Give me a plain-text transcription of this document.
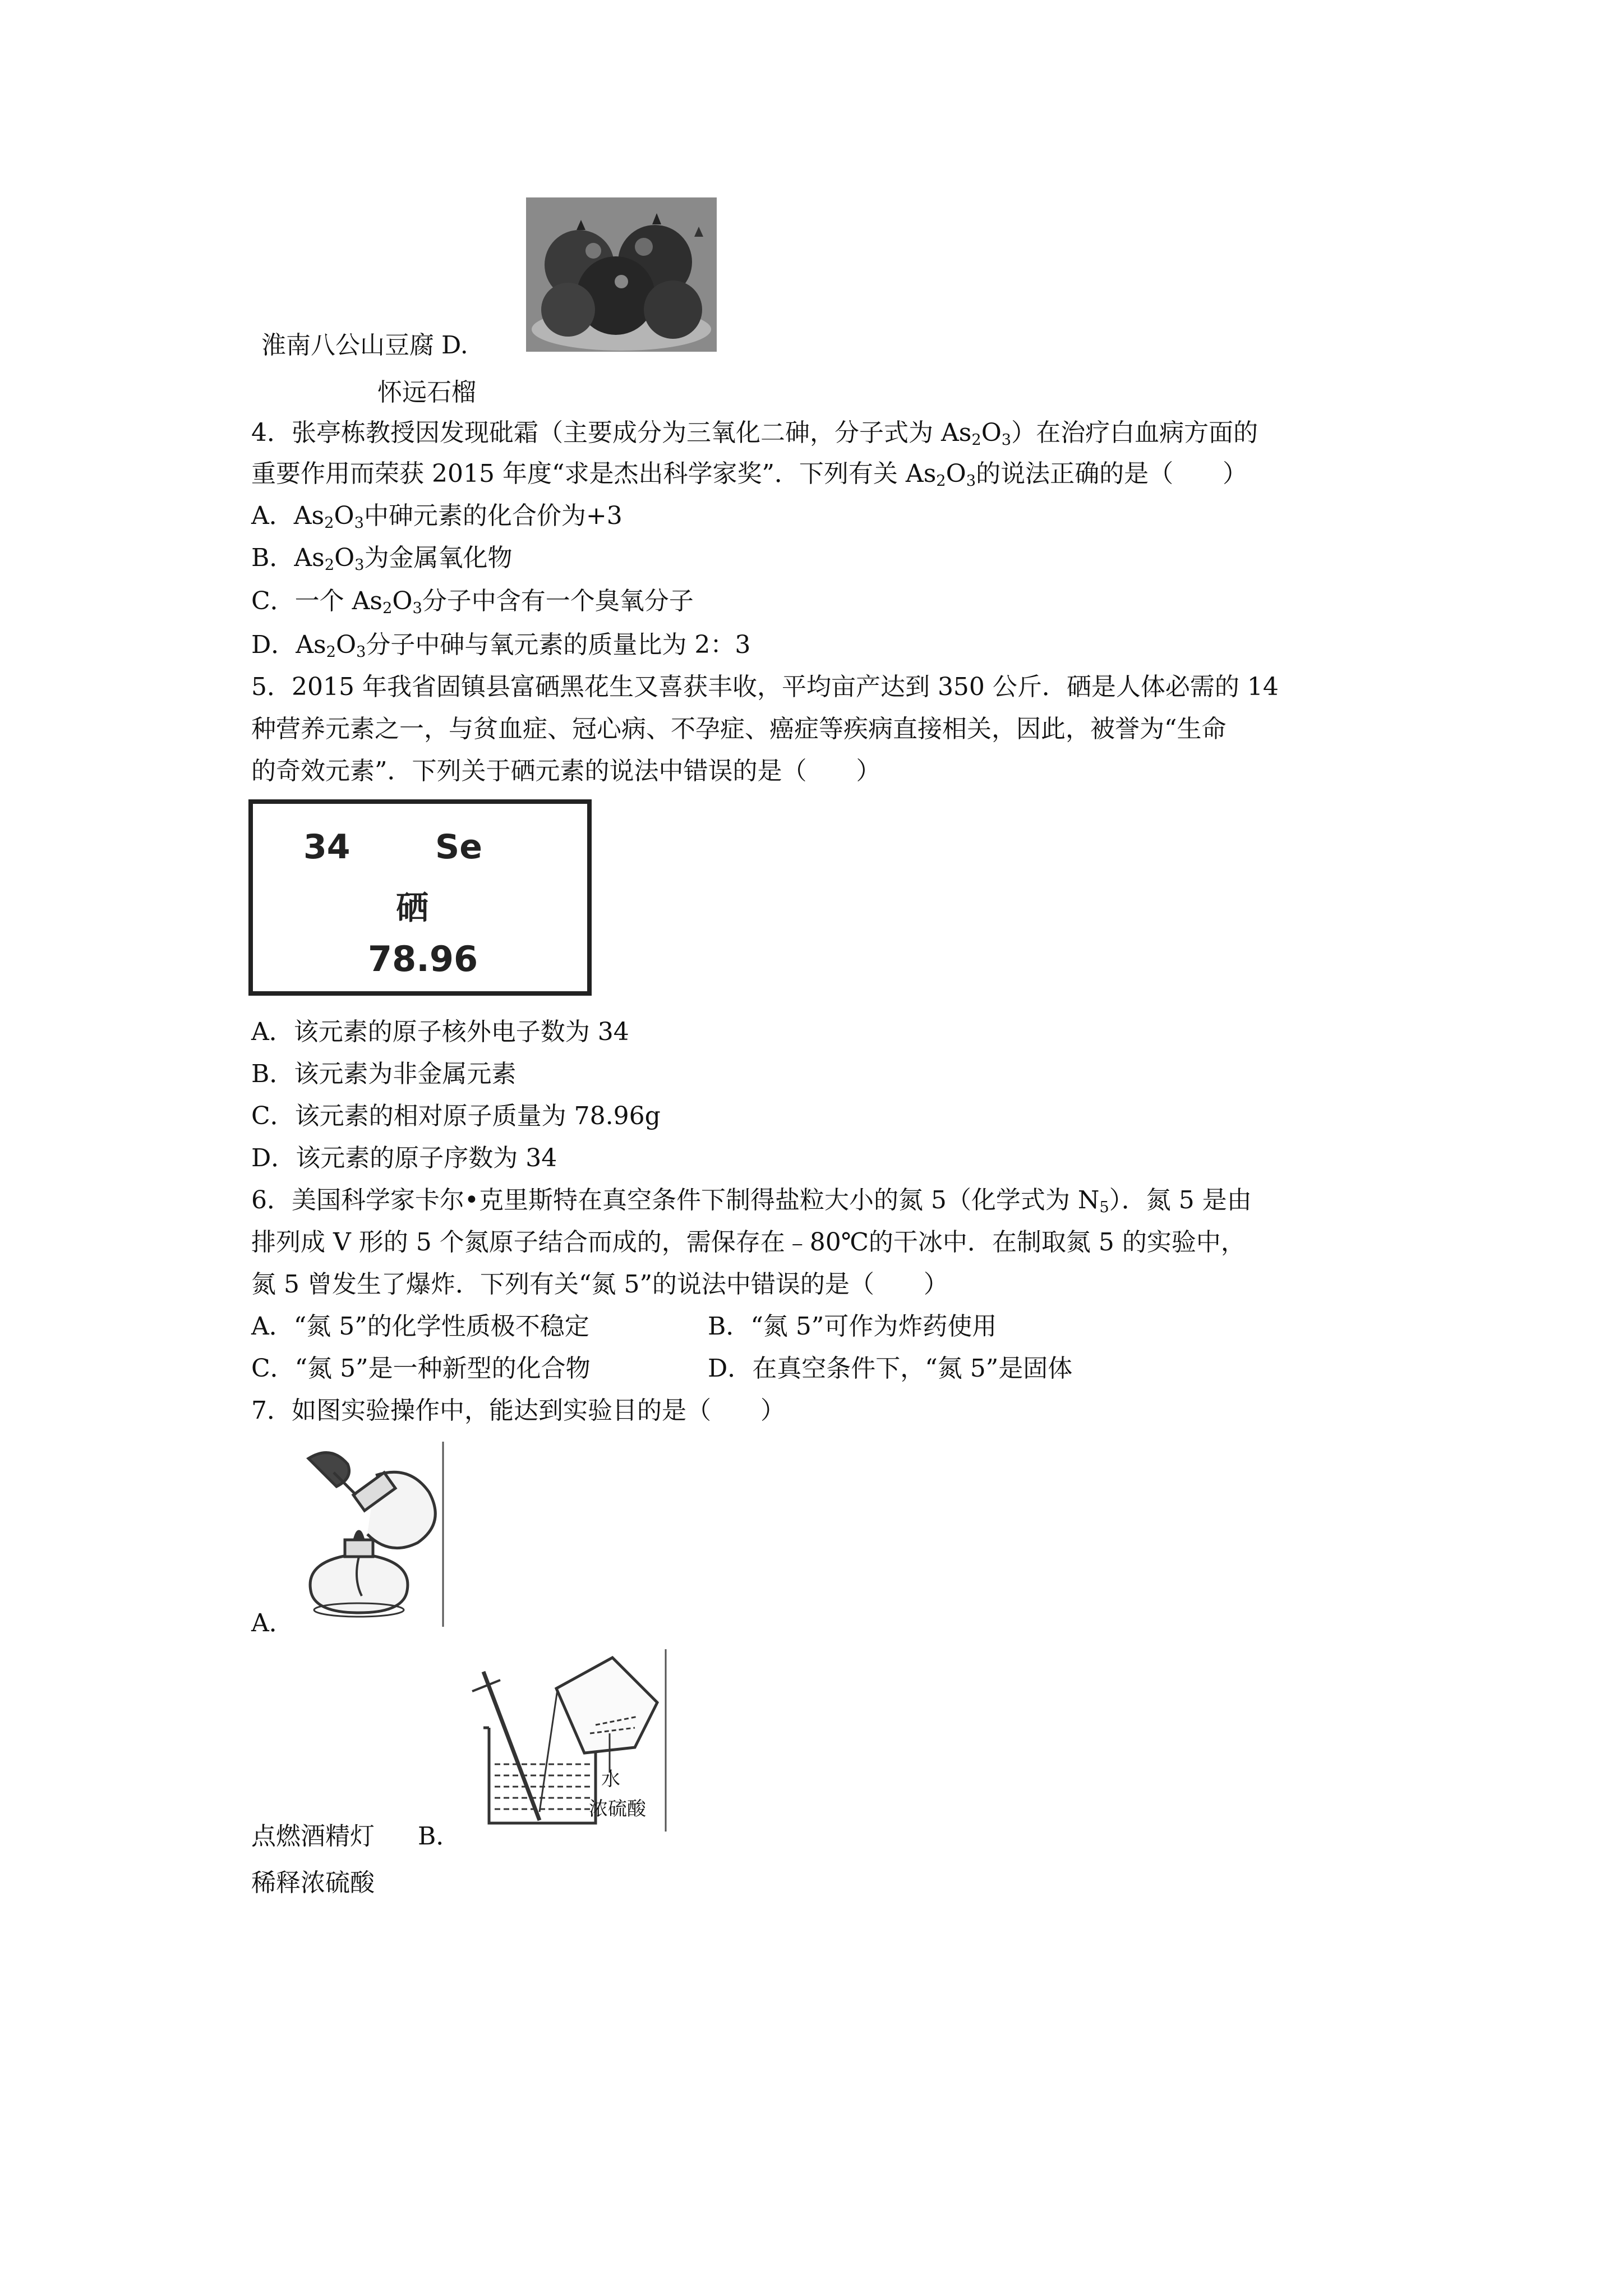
淮南八公山豆腐 D.
怀远石榴
4．张亭栋教授因发现砒霜（主要成分为三氧化二砷，分子式为 $As_2O_3$）在治疗白血病方面的
重要作用而荣获 2015 年度“求是杰出科学家奖”．下列有关 $As_2O_3$的说法正确的是（　　）
A．$As_2O_3$中砷元素的化合价为+3
B．$As_2O_3$为金属氧化物
C．一个 $As_2O_3$分子中含有一个臭氧分子
D．$As_2O_3$分子中砷与氧元素的质量比为 2：3
5．2015 年我省固镇县富硒黑花生又喜获丰收，平均亩产达到 350 公斤．硒是人体必需的 14
种营养元素之一，与贫血症、冠心病、不孕症、癌症等疾病直接相关，因此，被誉为“生命
的奇效元素”．下列关于硒元素的说法中错误的是（　　）
34	Se
硒
78.96
A．该元素的原子核外电子数为 34
B．该元素为非金属元素
C．该元素的相对原子质量为 78.96g
D．该元素的原子序数为 34
6．美国科学家卡尔•克里斯特在真空条件下制得盐粒大小的氮 5（化学式为 $N_5$）．氮 5 是由
排列成 V 形的 5 个氮原子结合而成的，需保存在﹣80℃的干冰中．在制取氮 5 的实验中，
氮 5 曾发生了爆炸．下列有关“氮 5”的说法中错误的是（　　）
A．“氮 5”的化学性质极不稳定	B．“氮 5”可作为炸药使用
C．“氮 5”是一种新型的化合物	D．在真空条件下，“氮 5”是固体
7．如图实验操作中，能达到实验目的是（　　）
A．
水
浓硫酸
点燃酒精灯 B．
稀释浓硫酸
